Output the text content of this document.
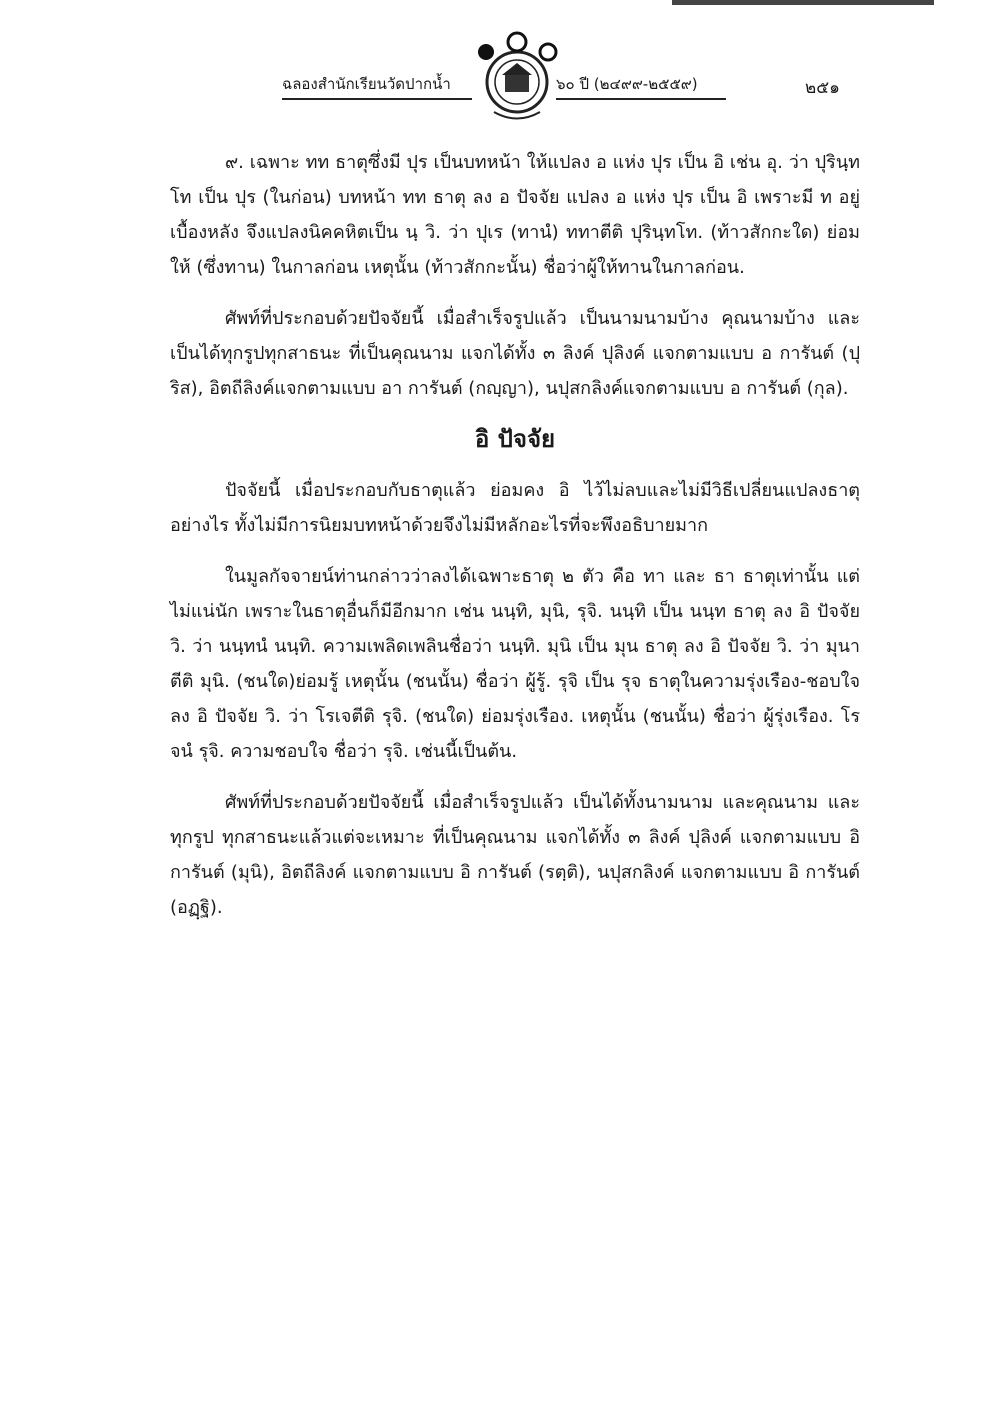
ฉลองสำนักเรียนวัดปากน้ำ	๖๐ ปี (๒๔๙๙-๒๕๕๙)	๒๕๑

๙. เฉพาะ ทท ธาตุซึ่งมี ปุร เป็นบทหน้า ให้แปลง อ แห่ง ปุร เป็น อิ เช่น อุ. ว่า ปุรินฺทโท เป็น ปุร (ในก่อน) บทหน้า ทท ธาตุ ลง อ ปัจจัย แปลง อ แห่ง ปุร เป็น อิ เพราะมี ท อยู่เบื้องหลัง จึงแปลงนิคคหิตเป็น นฺ วิ. ว่า ปุเร (ทานํ) ททาตีติ ปุรินฺทโท. (ท้าวสักกะใด) ย่อมให้ (ซึ่งทาน) ในกาลก่อน เหตุนั้น (ท้าวสักกะนั้น) ชื่อว่าผู้ให้ทานในกาลก่อน.

ศัพท์ที่ประกอบด้วยปัจจัยนี้ เมื่อสำเร็จรูปแล้ว เป็นนามนามบ้าง คุณนามบ้าง และเป็นได้ทุกรูปทุกสาธนะ ที่เป็นคุณนาม แจกได้ทั้ง ๓ ลิงค์ ปุลิงค์ แจกตามแบบ อ การันต์ (ปุริส), อิตถีลิงค์แจกตามแบบ อา การันต์ (กญฺญา), นปุสกลิงค์แจกตามแบบ อ การันต์ (กุล).

อิ ปัจจัย

ปัจจัยนี้ เมื่อประกอบกับธาตุแล้ว ย่อมคง อิ ไว้ไม่ลบและไม่มีวิธีเปลี่ยนแปลงธาตุอย่างไร ทั้งไม่มีการนิยมบทหน้าด้วยจึงไม่มีหลักอะไรที่จะพึงอธิบายมาก

ในมูลกัจจายน์ท่านกล่าวว่าลงได้เฉพาะธาตุ ๒ ตัว คือ ทา และ ธา ธาตุเท่านั้น แต่ไม่แน่นัก เพราะในธาตุอื่นก็มีอีกมาก เช่น นนฺทิ, มุนิ, รุจิ. นนฺทิ เป็น นนฺท ธาตุ ลง อิ ปัจจัย วิ. ว่า นนฺทนํ นนฺทิ. ความเพลิดเพลินชื่อว่า นนฺทิ. มุนิ เป็น มุน ธาตุ ลง อิ ปัจจัย วิ. ว่า มุนาตีติ มุนิ. (ชนใด)ย่อมรู้ เหตุนั้น (ชนนั้น) ชื่อว่า ผู้รู้. รุจิ เป็น รุจ ธาตุในความรุ่งเรือง-ชอบใจ ลง อิ ปัจจัย วิ. ว่า โรเจตีติ รุจิ. (ชนใด) ย่อมรุ่งเรือง. เหตุนั้น (ชนนั้น) ชื่อว่า ผู้รุ่งเรือง. โรจนํ รุจิ. ความชอบใจ ชื่อว่า รุจิ. เช่นนี้เป็นต้น.

ศัพท์ที่ประกอบด้วยปัจจัยนี้ เมื่อสำเร็จรูปแล้ว เป็นได้ทั้งนามนาม และคุณนาม และทุกรูป ทุกสาธนะแล้วแต่จะเหมาะ ที่เป็นคุณนาม แจกได้ทั้ง ๓ ลิงค์ ปุลิงค์ แจกตามแบบ อิ การันต์ (มุนิ), อิตถีลิงค์ แจกตามแบบ อิ การันต์ (รตฺติ), นปุสกลิงค์ แจกตามแบบ อิ การันต์ (อฏฺฐิ).
